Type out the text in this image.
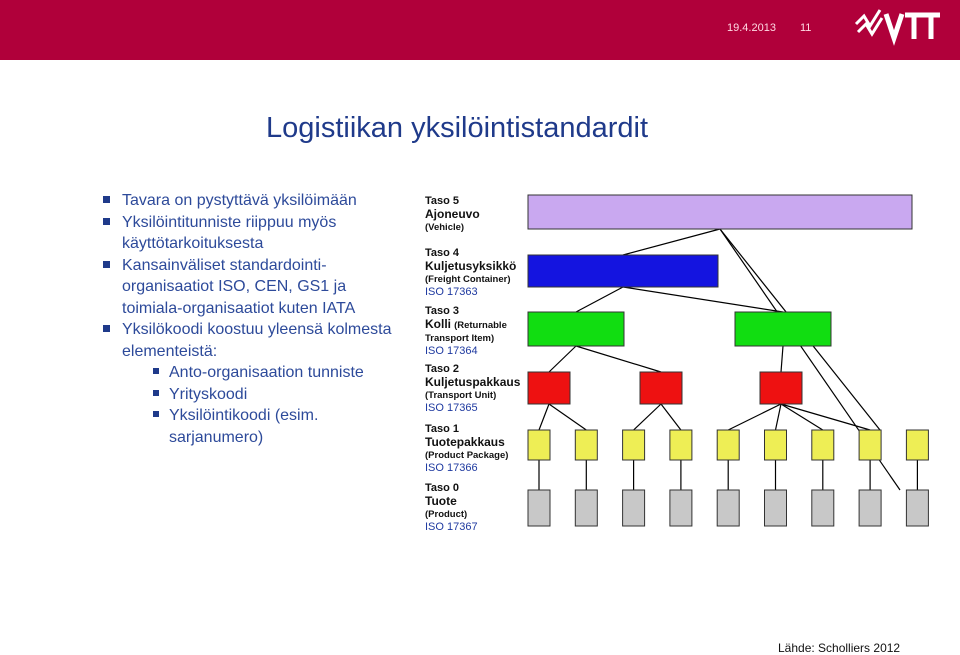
19.4.2013 11
Logistiikan yksilöintistandardit
Tavara on pystyttävä yksilöimään
Yksilöintitunniste riippuu myös käyttötarkoituksesta
Kansainväliset standardointi-organisaatiot ISO, CEN, GS1 ja toimiala-organisaatiot kuten IATA
Yksilökoodi koostuu yleensä kolmesta elementeistä:
Anto-organisaation tunniste
Yrityskoodi
Yksilöintikoodi (esim. sarjanumero)
Taso 5
Ajoneuvo
(Vehicle)
Taso 4
Kuljetusyksikkö
(Freight Container)
ISO 17363
Taso 3
Kolli (Returnable
Transport Item)
ISO 17364
Taso 2
Kuljetuspakkaus
(Transport Unit)
ISO 17365
Taso 1
Tuotepakkaus
(Product Package)
ISO 17366
Taso 0
Tuote
(Product)
ISO 17367
Lähde: Scholliers 2012
